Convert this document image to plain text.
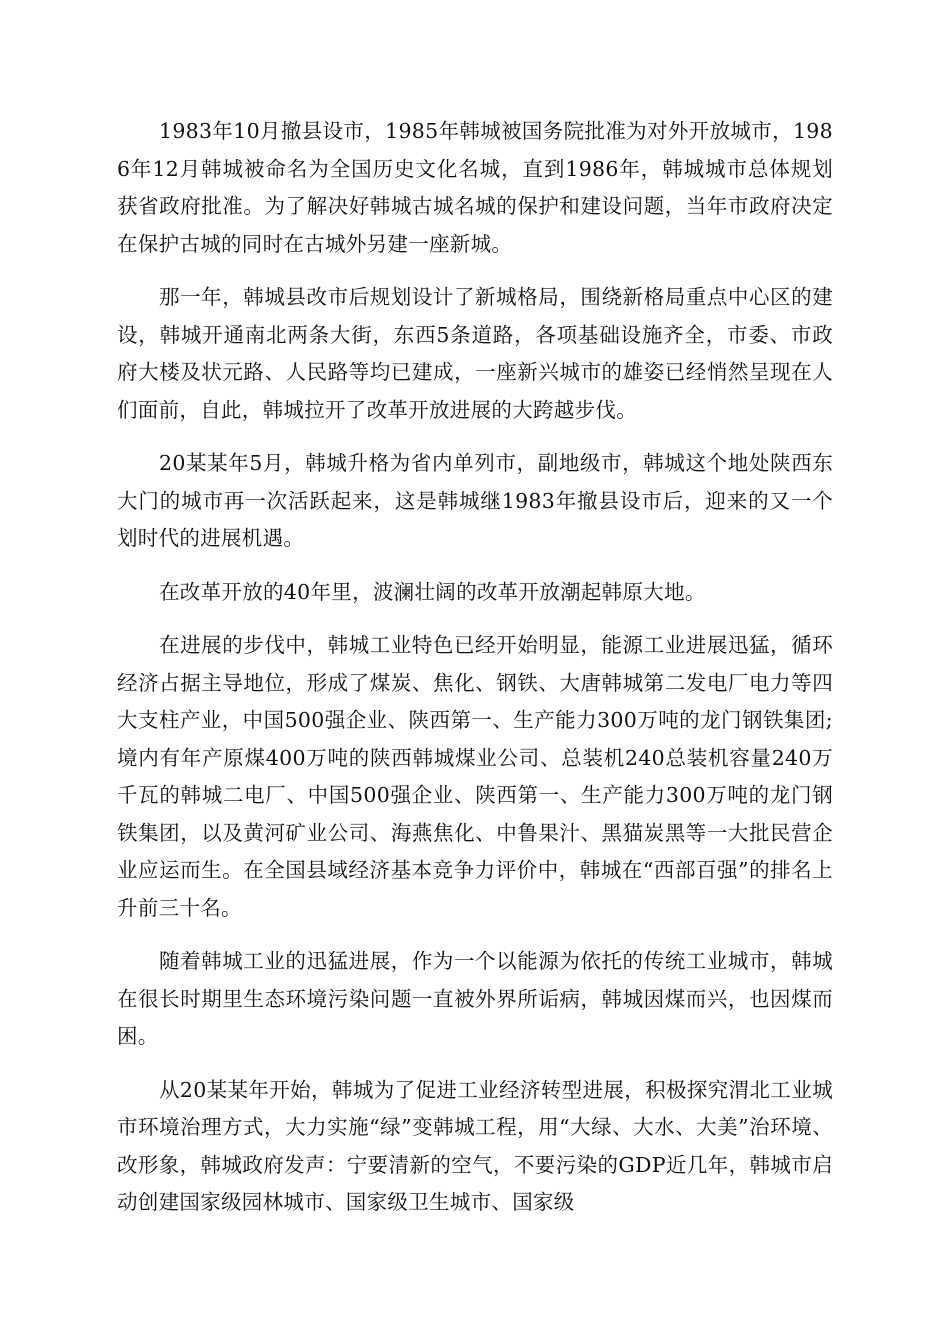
1983年10月撤县设市，1985年韩城被国务院批准为对外开放城市，1986年12月韩城被命名为全国历史文化名城，直到1986年，韩城城市总体规划获省政府批准。为了解决好韩城古城名城的保护和建设问题，当年市政府决定在保护古城的同时在古城外另建一座新城。

那一年，韩城县改市后规划设计了新城格局，围绕新格局重点中心区的建设，韩城开通南北两条大街，东西5条道路，各项基础设施齐全，市委、市政府大楼及状元路、人民路等均已建成，一座新兴城市的雄姿已经悄然呈现在人们面前，自此，韩城拉开了改革开放进展的大跨越步伐。

20某某年5月，韩城升格为省内单列市，副地级市，韩城这个地处陕西东大门的城市再一次活跃起来，这是韩城继1983年撤县设市后，迎来的又一个划时代的进展机遇。

在改革开放的40年里，波澜壮阔的改革开放潮起韩原大地。

在进展的步伐中，韩城工业特色已经开始明显，能源工业进展迅猛，循环经济占据主导地位，形成了煤炭、焦化、钢铁、大唐韩城第二发电厂电力等四大支柱产业，中国500强企业、陕西第一、生产能力300万吨的龙门钢铁集团;境内有年产原煤400万吨的陕西韩城煤业公司、总装机240总装机容量240万千瓦的韩城二电厂、中国500强企业、陕西第一、生产能力300万吨的龙门钢铁集团，以及黄河矿业公司、海燕焦化、中鲁果汁、黑猫炭黑等一大批民营企业应运而生。在全国县域经济基本竞争力评价中，韩城在“西部百强”的排名上升前三十名。

随着韩城工业的迅猛进展，作为一个以能源为依托的传统工业城市，韩城在很长时期里生态环境污染问题一直被外界所诟病，韩城因煤而兴，也因煤而困。

从20某某年开始，韩城为了促进工业经济转型进展，积极探究渭北工业城市环境治理方式，大力实施“绿”变韩城工程，用“大绿、大水、大美”治环境、改形象，韩城政府发声：宁要清新的空气，不要污染的GDP近几年，韩城市启动创建国家级园林城市、国家级卫生城市、国家级
